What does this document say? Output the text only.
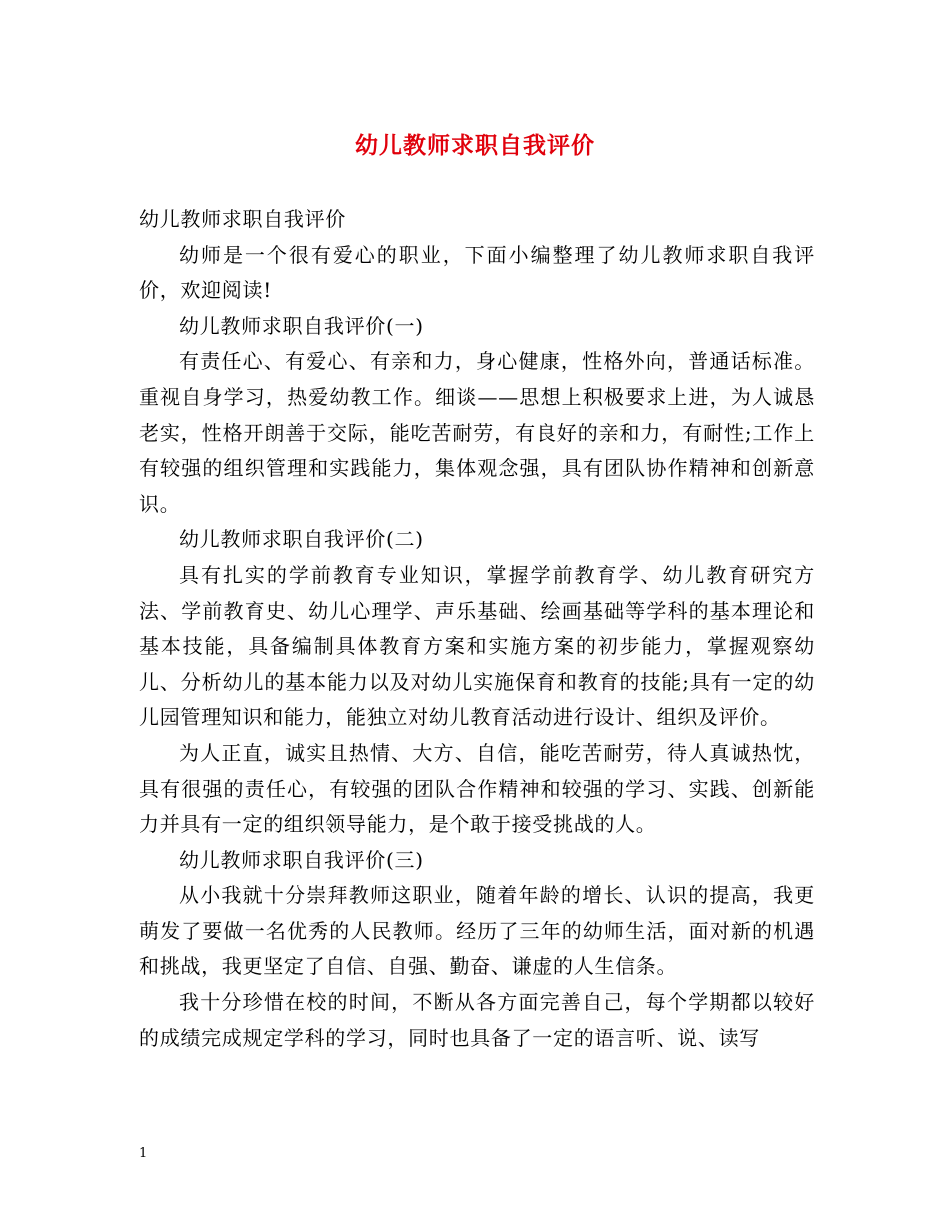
幼儿教师求职自我评价

幼儿教师求职自我评价

幼师是一个很有爱心的职业，下面小编整理了幼儿教师求职自我评价，欢迎阅读!

幼儿教师求职自我评价(一)

有责任心、有爱心、有亲和力，身心健康，性格外向，普通话标准。重视自身学习，热爱幼教工作。细谈——思想上积极要求上进，为人诚恳老实，性格开朗善于交际，能吃苦耐劳，有良好的亲和力，有耐性;工作上有较强的组织管理和实践能力，集体观念强，具有团队协作精神和创新意识。

幼儿教师求职自我评价(二)

具有扎实的学前教育专业知识，掌握学前教育学、幼儿教育研究方法、学前教育史、幼儿心理学、声乐基础、绘画基础等学科的基本理论和基本技能，具备编制具体教育方案和实施方案的初步能力，掌握观察幼儿、分析幼儿的基本能力以及对幼儿实施保育和教育的技能;具有一定的幼儿园管理知识和能力，能独立对幼儿教育活动进行设计、组织及评价。

为人正直，诚实且热情、大方、自信，能吃苦耐劳，待人真诚热忱，具有很强的责任心，有较强的团队合作精神和较强的学习、实践、创新能力并具有一定的组织领导能力，是个敢于接受挑战的人。

幼儿教师求职自我评价(三)

从小我就十分崇拜教师这职业，随着年龄的增长、认识的提高，我更萌发了要做一名优秀的人民教师。经历了三年的幼师生活，面对新的机遇和挑战，我更坚定了自信、自强、勤奋、谦虚的人生信条。

我十分珍惜在校的时间，不断从各方面完善自己，每个学期都以较好的成绩完成规定学科的学习，同时也具备了一定的语言听、说、读写

1
